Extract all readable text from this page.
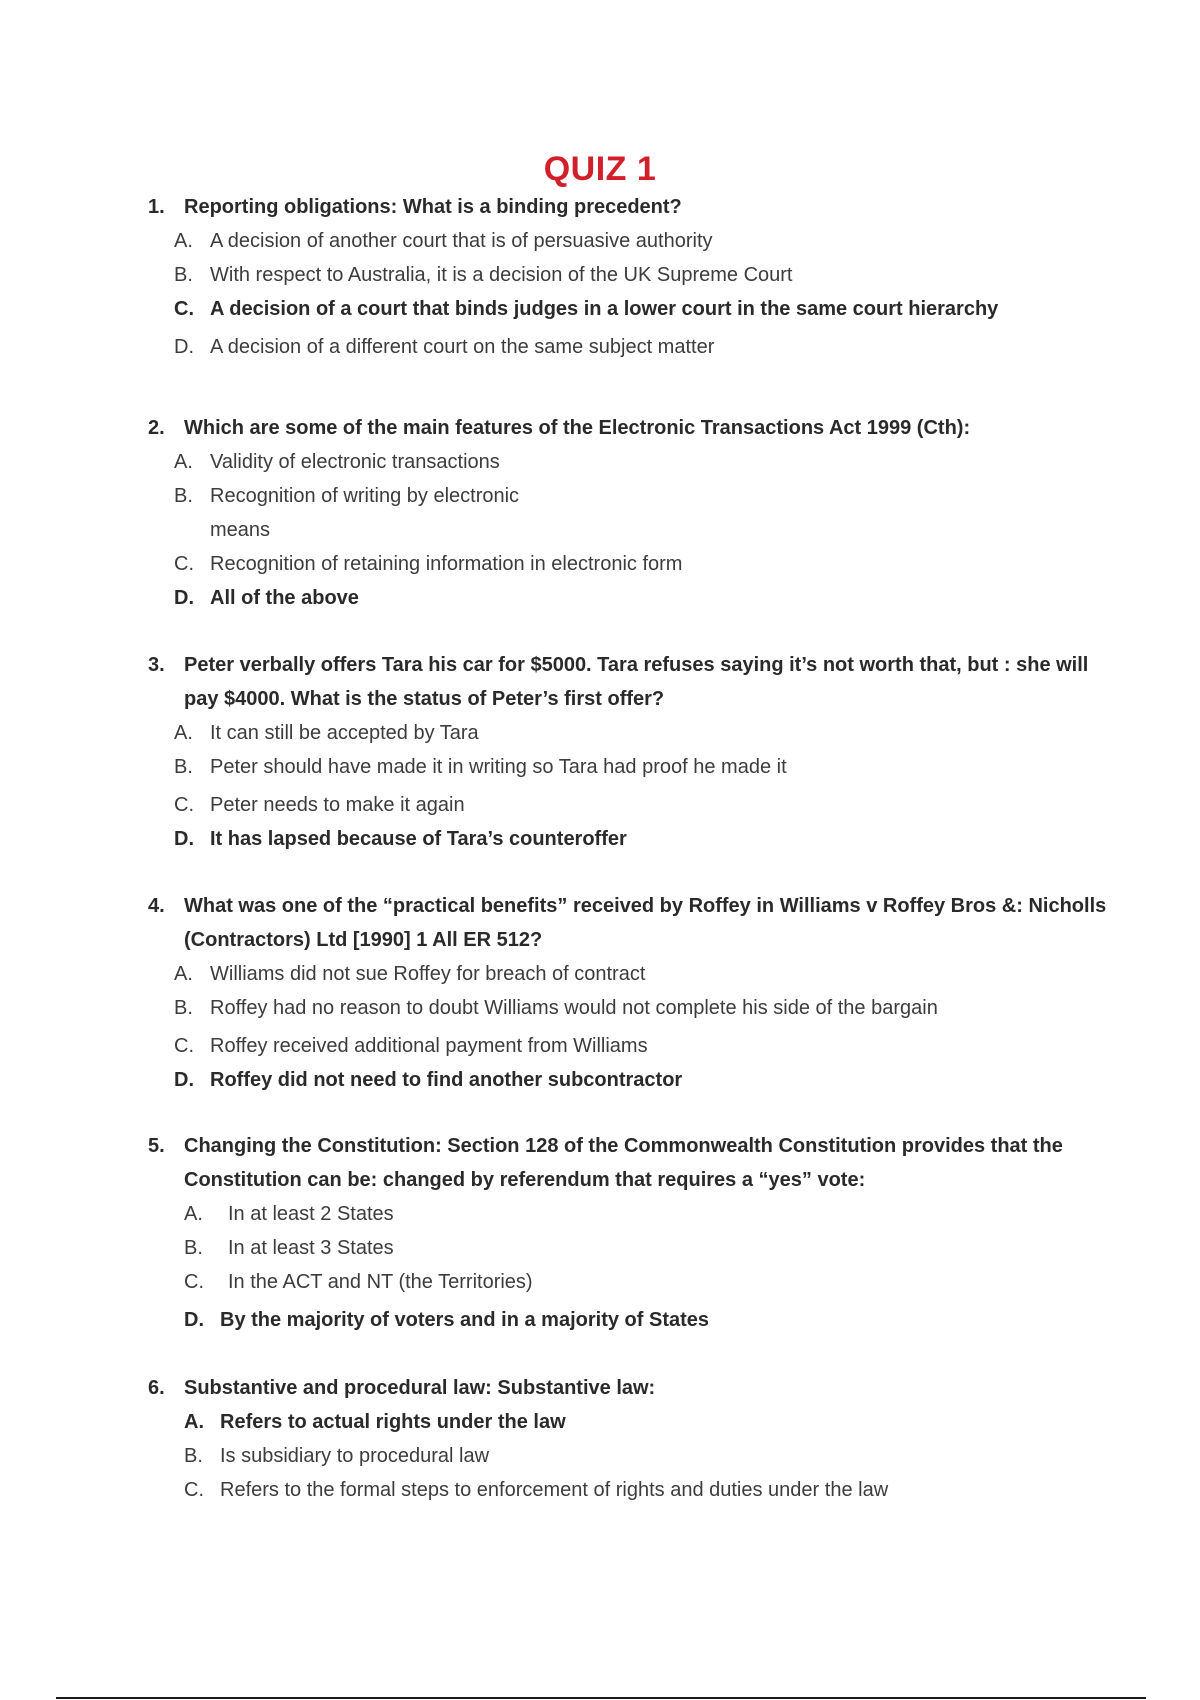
QUIZ 1
1. Reporting obligations: What is a binding precedent?
A. A decision of another court that is of persuasive authority
B. With respect to Australia, it is a decision of the UK Supreme Court
C. A decision of a court that binds judges in a lower court in the same court hierarchy
D. A decision of a different court on the same subject matter
2. Which are some of the main features of the Electronic Transactions Act 1999 (Cth):
A. Validity of electronic transactions
B. Recognition of writing by electronic
means
C. Recognition of retaining information in electronic form
D. All of the above
3. Peter verbally offers Tara his car for $5000. Tara refuses saying it’s not worth that, but : she will pay $4000. What is the status of Peter’s first offer?
A. It can still be accepted by Tara
B. Peter should have made it in writing so Tara had proof he made it
C. Peter needs to make it again
D. It has lapsed because of Tara’s counteroffer
4. What was one of the “practical benefits” received by Roffey in Williams v Roffey Bros &: Nicholls (Contractors) Ltd [1990] 1 All ER 512?
A. Williams did not sue Roffey for breach of contract
B. Roffey had no reason to doubt Williams would not complete his side of the bargain
C. Roffey received additional payment from Williams
D. Roffey did not need to find another subcontractor
5. Changing the Constitution: Section 128 of the Commonwealth Constitution provides that the Constitution can be: changed by referendum that requires a “yes” vote:
A.	In at least 2 States
B.	In at least 3 States
C.	In the ACT and NT (the Territories)
D. By the majority of voters and in a majority of States
6. Substantive and procedural law: Substantive law:
A. Refers to actual rights under the law
B. Is subsidiary to procedural law
C. Refers to the formal steps to enforcement of rights and duties under the law
